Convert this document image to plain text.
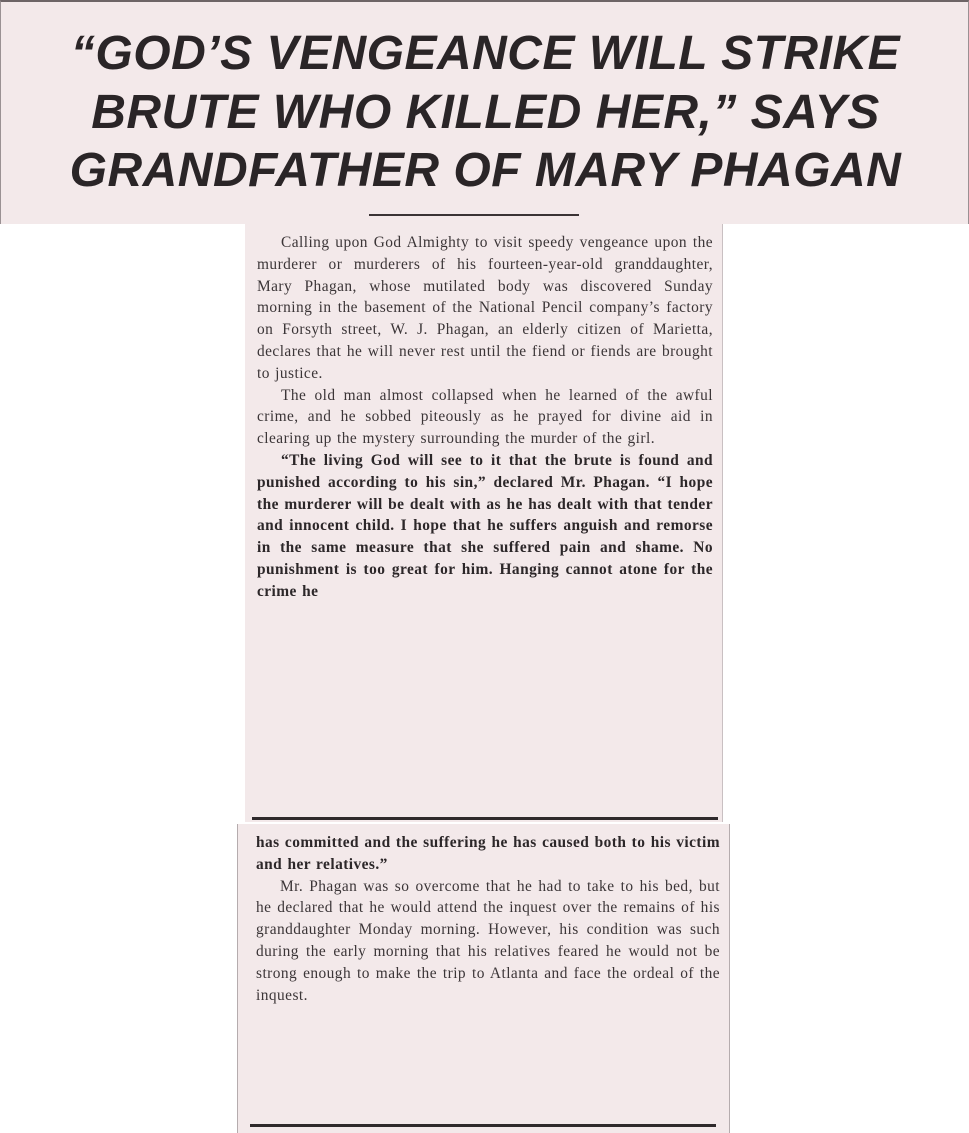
“GOD’S VENGEANCE WILL STRIKE
BRUTE WHO KILLED HER,” SAYS
GRANDFATHER OF MARY PHAGAN

Calling upon God Almighty to visit speedy vengeance upon the murderer or murderers of his fourteen-year-old granddaughter, Mary Phagan, whose mutilated body was discovered Sunday morning in the basement of the National Pencil company’s factory on Forsyth street, W. J. Phagan, an elderly citizen of Marietta, declares that he will never rest until the fiend or fiends are brought to justice.

The old man almost collapsed when he learned of the awful crime, and he sobbed piteously as he prayed for divine aid in clearing up the mystery surrounding the murder of the girl.

“The living God will see to it that the brute is found and punished according to his sin,” declared Mr. Phagan. “I hope the murderer will be dealt with as he has dealt with that tender and innocent child. I hope that he suffers anguish and remorse in the same measure that she suffered pain and shame. No punishment is too great for him. Hanging cannot atone for the crime he

has committed and the suffering he has caused both to his victim and her relatives.”

Mr. Phagan was so overcome that he had to take to his bed, but he declared that he would attend the inquest over the remains of his granddaughter Monday morning. However, his condition was such during the early morning that his relatives feared he would not be strong enough to make the trip to Atlanta and face the ordeal of the inquest.
